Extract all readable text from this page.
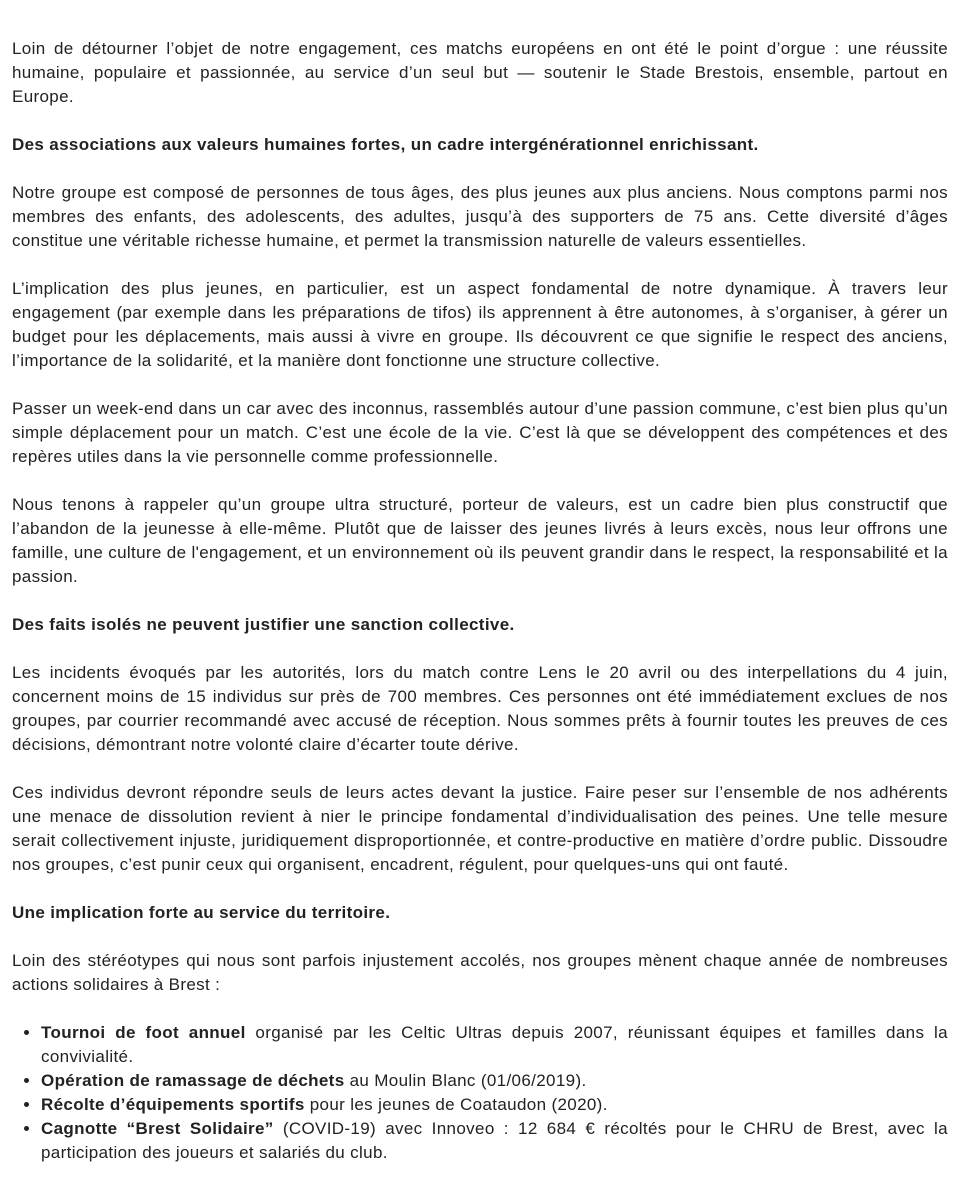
Loin de détourner l’objet de notre engagement, ces matchs européens en ont été le point d’orgue : une réussite humaine, populaire et passionnée, au service d’un seul but — soutenir le Stade Brestois, ensemble, partout en Europe.

Des associations aux valeurs humaines fortes, un cadre intergénérationnel enrichissant.

Notre groupe est composé de personnes de tous âges, des plus jeunes aux plus anciens. Nous comptons parmi nos membres des enfants, des adolescents, des adultes, jusqu’à des supporters de 75 ans. Cette diversité d’âges constitue une véritable richesse humaine, et permet la transmission naturelle de valeurs essentielles.

L’implication des plus jeunes, en particulier, est un aspect fondamental de notre dynamique. À travers leur engagement (par exemple dans les préparations de tifos) ils apprennent à être autonomes, à s’organiser, à gérer un budget pour les déplacements, mais aussi à vivre en groupe. Ils découvrent ce que signifie le respect des anciens, l’importance de la solidarité, et la manière dont fonctionne une structure collective.

Passer un week-end dans un car avec des inconnus, rassemblés autour d’une passion commune, c’est bien plus qu’un simple déplacement pour un match. C’est une école de la vie. C’est là que se développent des compétences et des repères utiles dans la vie personnelle comme professionnelle.

Nous tenons à rappeler qu’un groupe ultra structuré, porteur de valeurs, est un cadre bien plus constructif que l’abandon de la jeunesse à elle-même. Plutôt que de laisser des jeunes livrés à leurs excès, nous leur offrons une famille, une culture de l'engagement, et un environnement où ils peuvent grandir dans le respect, la responsabilité et la passion.

Des faits isolés ne peuvent justifier une sanction collective.

Les incidents évoqués par les autorités, lors du match contre Lens le 20 avril ou des interpellations du 4 juin, concernent moins de 15 individus sur près de 700 membres. Ces personnes ont été immédiatement exclues de nos groupes, par courrier recommandé avec accusé de réception. Nous sommes prêts à fournir toutes les preuves de ces décisions, démontrant notre volonté claire d’écarter toute dérive.

Ces individus devront répondre seuls de leurs actes devant la justice. Faire peser sur l’ensemble de nos adhérents une menace de dissolution revient à nier le principe fondamental d’individualisation des peines. Une telle mesure serait collectivement injuste, juridiquement disproportionnée, et contre-productive en matière d’ordre public. Dissoudre nos groupes, c’est punir ceux qui organisent, encadrent, régulent, pour quelques-uns qui ont fauté.

Une implication forte au service du territoire.

Loin des stéréotypes qui nous sont parfois injustement accolés, nos groupes mènent chaque année de nombreuses actions solidaires à Brest :

• Tournoi de foot annuel organisé par les Celtic Ultras depuis 2007, réunissant équipes et familles dans la convivialité.
• Opération de ramassage de déchets au Moulin Blanc (01/06/2019).
• Récolte d’équipements sportifs pour les jeunes de Coataudon (2020).
• Cagnotte “Brest Solidaire” (COVID-19) avec Innoveo : 12 684 € récoltés pour le CHRU de Brest, avec la participation des joueurs et salariés du club.
